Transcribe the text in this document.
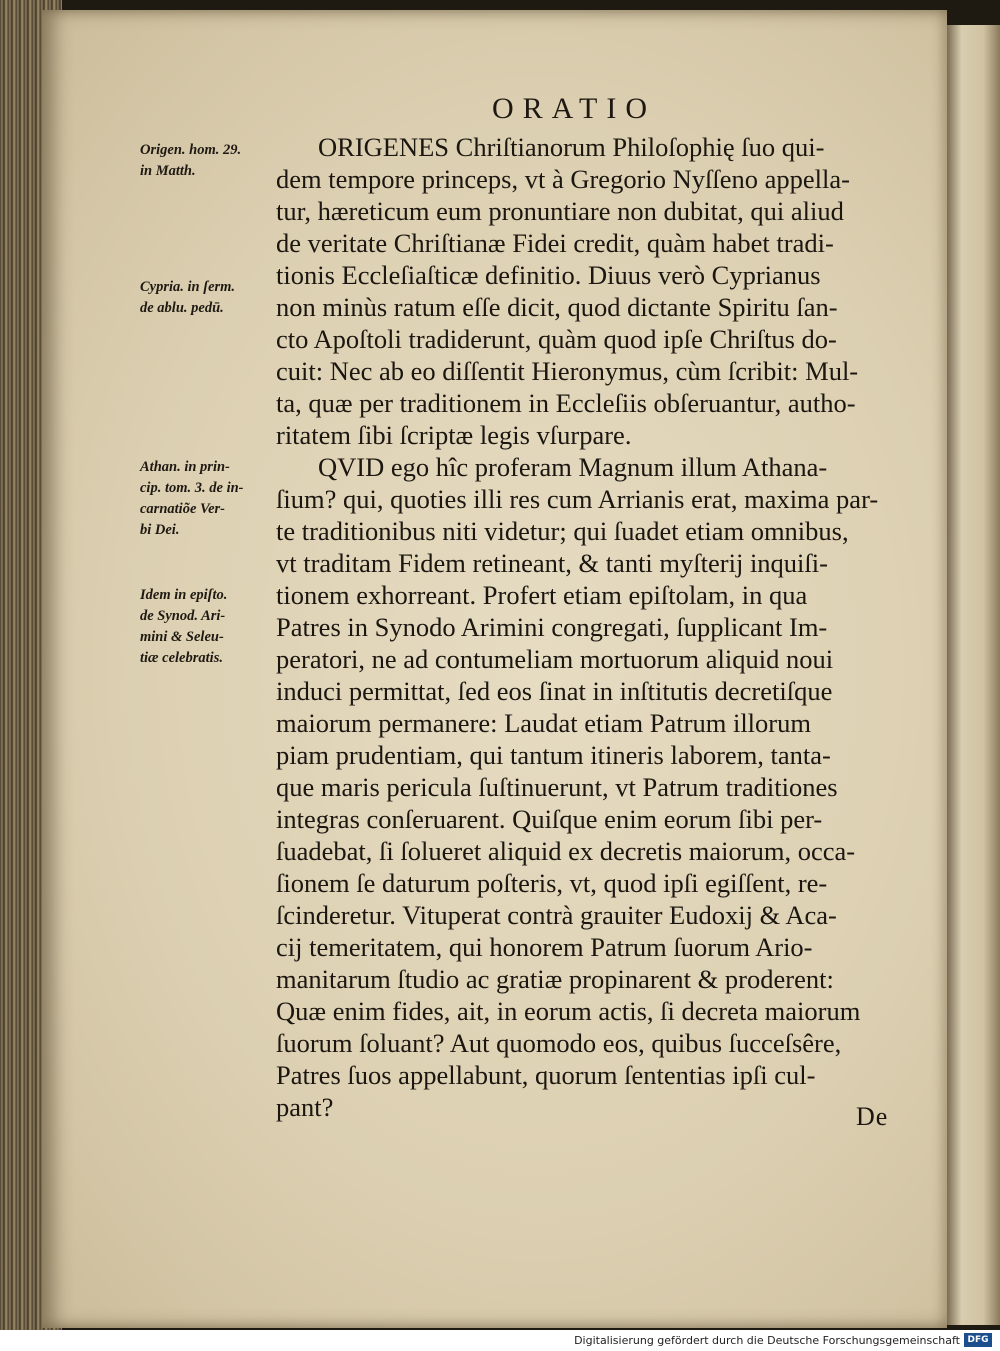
ORATIO
ORIGENES Chriſtianorum Philoſophię ſuo qui-
dem tempore princeps, vt à Gregorio Nyſſeno appella-
tur, hæreticum eum pronuntiare non dubitat, qui aliud
de veritate Chriſtianæ Fidei credit, quàm habet tradi-
tionis Eccleſiaſticæ definitio. Diuus verò Cyprianus
non minùs ratum eſſe dicit, quod dictante Spiritu ſan-
cto Apoſtoli tradiderunt, quàm quod ipſe Chriſtus do-
cuit: Nec ab eo diſſentit Hieronymus, cùm ſcribit: Mul-
ta, quæ per traditionem in Eccleſiis obſeruantur, autho-
ritatem ſibi ſcriptæ legis vſurpare.
QVID ego hîc proferam Magnum illum Athana-
ſium? qui, quoties illi res cum Arrianis erat, maxima par-
te traditionibus niti videtur; qui ſuadet etiam omnibus,
vt traditam Fidem retineant, & tanti myſterij inquiſi-
tionem exhorreant. Profert etiam epiſtolam, in qua
Patres in Synodo Arimini congregati, ſupplicant Im-
peratori, ne ad contumeliam mortuorum aliquid noui
induci permittat, ſed eos ſinat in inſtitutis decretiſque
maiorum permanere: Laudat etiam Patrum illorum
piam prudentiam, qui tantum itineris laborem, tanta-
que maris pericula ſuſtinuerunt, vt Patrum traditiones
integras conſeruarent. Quiſque enim eorum ſibi per-
ſuadebat, ſi ſolueret aliquid ex decretis maiorum, occa-
ſionem ſe daturum poſteris, vt, quod ipſi egiſſent, re-
ſcinderetur. Vituperat contrà grauiter Eudoxij & Aca-
cij temeritatem, qui honorem Patrum ſuorum Ario-
manitarum ſtudio ac gratiæ propinarent & proderent:
Quæ enim fides, ait, in eorum actis, ſi decreta maiorum
ſuorum ſoluant? Aut quomodo eos, quibus ſucceſsêre,
Patres ſuos appellabunt, quorum ſententias ipſi cul-
pant?
Origen. hom. 29.
in Matth.
Cypria. in ſerm.
de ablu. pedū.
Athan. in prin-
cip. tom. 3. de in-
carnatiõe Ver-
bi Dei.
Idem in epiſto.
de Synod. Ari-
mini & Seleu-
tiæ celebratis.
De
Digitalisierung gefördert durch die Deutsche Forschungsgemeinschaft DFG
